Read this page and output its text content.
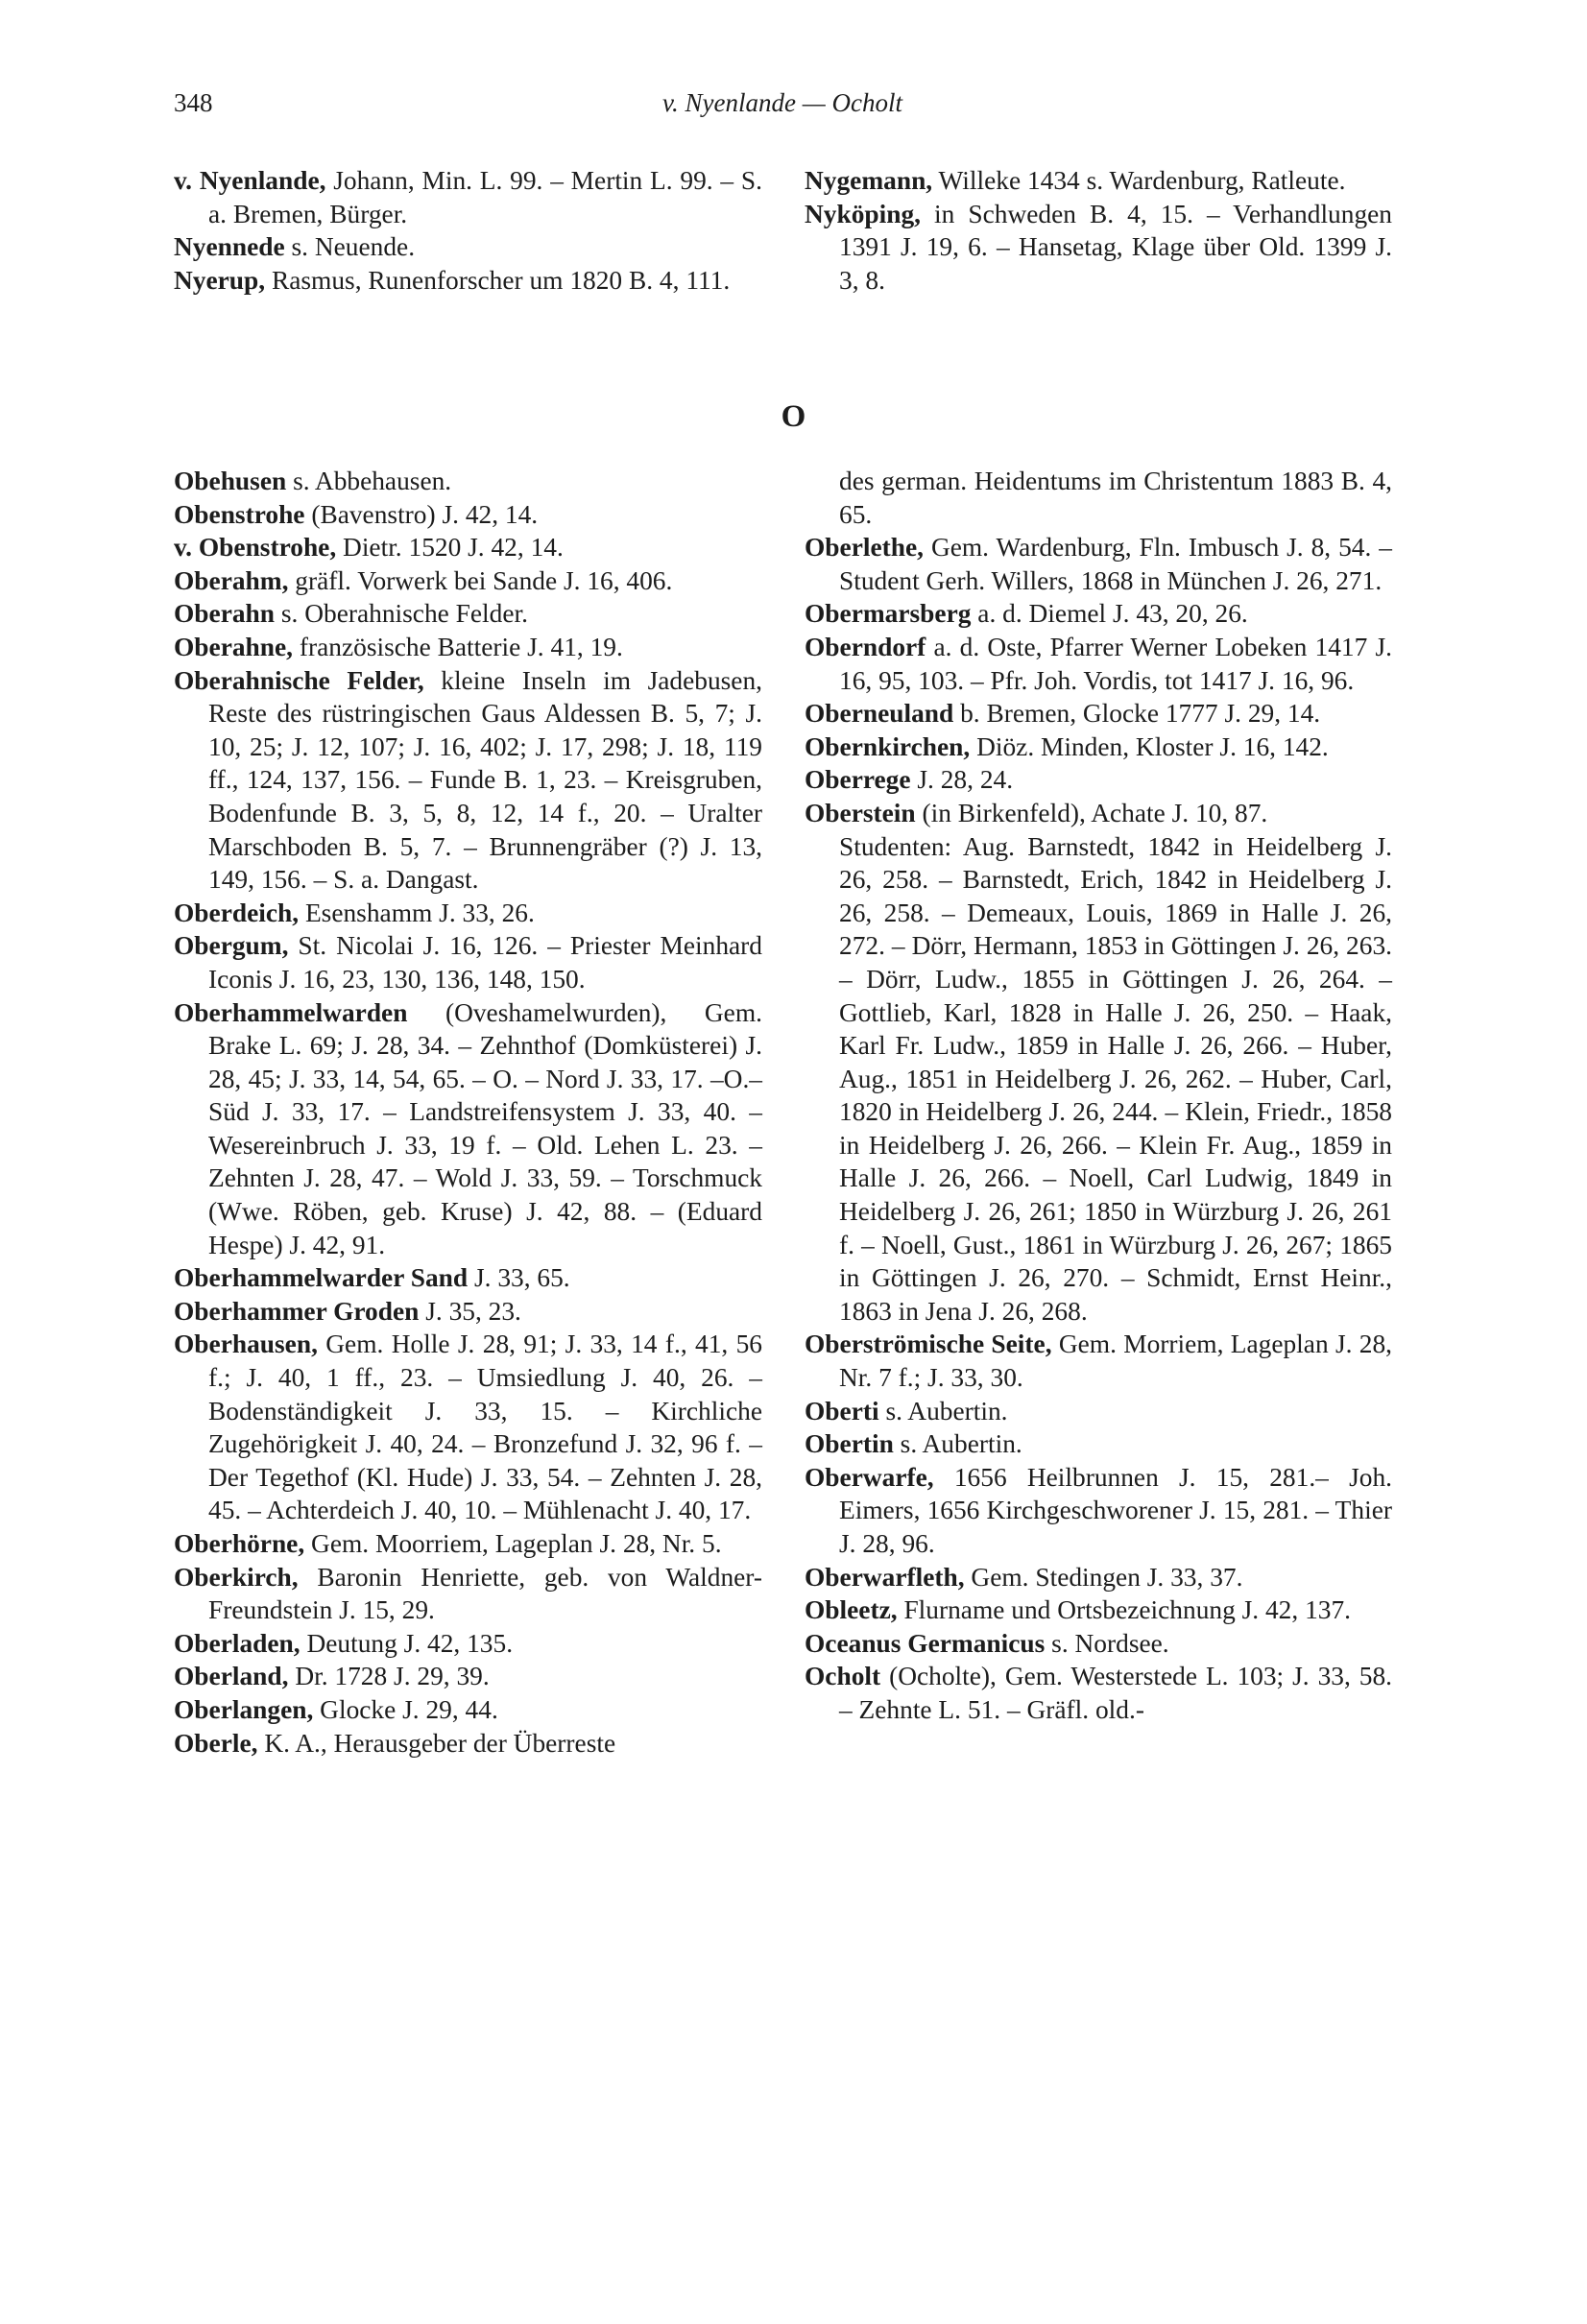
348	v. Nyenlande — Ocholt

v. Nyenlande, Johann, Min. L. 99. – Mertin L. 99. – S. a. Bremen, Bürger.

Nyennede s. Neuende.

Nyerup, Rasmus, Runenforscher um 1820 B. 4, 111.

Nygemann, Willeke 1434 s. Wardenburg, Ratleute.

Nyköping, in Schweden B. 4, 15. – Verhandlungen 1391 J. 19, 6. – Hansetag, Klage über Old. 1399 J. 3, 8.

O

Obehusen s. Abbehausen.

Obenstrohe (Bavenstro) J. 42, 14.

v. Obenstrohe, Dietr. 1520 J. 42, 14.

Oberahm, gräfl. Vorwerk bei Sande J. 16, 406.

Oberahn s. Oberahnische Felder.

Oberahne, französische Batterie J. 41, 19.

Oberahnische Felder, kleine Inseln im Jadebusen, Reste des rüstringischen Gaus Aldessen B. 5, 7; J. 10, 25; J. 12, 107; J. 16, 402; J. 17, 298; J. 18, 119 ff., 124, 137, 156. – Funde B. 1, 23. – Kreisgruben, Bodenfunde B. 3, 5, 8, 12, 14 f., 20. – Uralter Marschboden B. 5, 7. – Brunnengräber (?) J. 13, 149, 156. – S. a. Dangast.

Oberdeich, Esenshamm J. 33, 26.

Obergum, St. Nicolai J. 16, 126. – Priester Meinhard Iconis J. 16, 23, 130, 136, 148, 150.

Oberhammelwarden (Oveshamelwurden), Gem. Brake L. 69; J. 28, 34. – Zehnthof (Domküsterei) J. 28, 45; J. 33, 14, 54, 65. – O. – Nord J. 33, 17. –O.– Süd J. 33, 17. – Landstreifensystem J. 33, 40. – Wesereinbruch J. 33, 19 f. – Old. Lehen L. 23. – Zehnten J. 28, 47. – Wold J. 33, 59. – Torschmuck (Wwe. Röben, geb. Kruse) J. 42, 88. – (Eduard Hespe) J. 42, 91.

Oberhammelwarder Sand J. 33, 65.

Oberhammer Groden J. 35, 23.

Oberhausen, Gem. Holle J. 28, 91; J. 33, 14 f., 41, 56 f.; J. 40, 1 ff., 23. – Umsiedlung J. 40, 26. – Bodenständigkeit J. 33, 15. – Kirchliche Zugehörigkeit J. 40, 24. – Bronzefund J. 32, 96 f. – Der Tegethof (Kl. Hude) J. 33, 54. – Zehnten J. 28, 45. – Achterdeich J. 40, 10. – Mühlenacht J. 40, 17.

Oberhörne, Gem. Moorriem, Lageplan J. 28, Nr. 5.

Oberkirch, Baronin Henriette, geb. von Waldner-Freundstein J. 15, 29.

Oberladen, Deutung J. 42, 135.

Oberland, Dr. 1728 J. 29, 39.

Oberlangen, Glocke J. 29, 44.

Oberle, K. A., Herausgeber der Überreste

des german. Heidentums im Christentum 1883 B. 4, 65.

Oberlethe, Gem. Wardenburg, Fln. Imbusch J. 8, 54. – Student Gerh. Willers, 1868 in München J. 26, 271.

Obermarsberg a. d. Diemel J. 43, 20, 26.

Oberndorf a. d. Oste, Pfarrer Werner Lobeken 1417 J. 16, 95, 103. – Pfr. Joh. Vordis, tot 1417 J. 16, 96.

Oberneuland b. Bremen, Glocke 1777 J. 29, 14.

Obernkirchen, Diöz. Minden, Kloster J. 16, 142.

Oberrege J. 28, 24.

Oberstein (in Birkenfeld), Achate J. 10, 87.

Studenten: Aug. Barnstedt, 1842 in Heidelberg J. 26, 258. – Barnstedt, Erich, 1842 in Heidelberg J. 26, 258. – Demeaux, Louis, 1869 in Halle J. 26, 272. – Dörr, Hermann, 1853 in Göttingen J. 26, 263. – Dörr, Ludw., 1855 in Göttingen J. 26, 264. – Gottlieb, Karl, 1828 in Halle J. 26, 250. – Haak, Karl Fr. Ludw., 1859 in Halle J. 26, 266. – Huber, Aug., 1851 in Heidelberg J. 26, 262. – Huber, Carl, 1820 in Heidelberg J. 26, 244. – Klein, Friedr., 1858 in Heidelberg J. 26, 266. – Klein Fr. Aug., 1859 in Halle J. 26, 266. – Noell, Carl Ludwig, 1849 in Heidelberg J. 26, 261; 1850 in Würzburg J. 26, 261 f. – Noell, Gust., 1861 in Würzburg J. 26, 267; 1865 in Göttingen J. 26, 270. – Schmidt, Ernst Heinr., 1863 in Jena J. 26, 268.

Oberströmische Seite, Gem. Morriem, Lageplan J. 28, Nr. 7 f.; J. 33, 30.

Oberti s. Aubertin.

Obertin s. Aubertin.

Oberwarfe, 1656 Heilbrunnen J. 15, 281.– Joh. Eimers, 1656 Kirchgeschworener J. 15, 281. – Thier J. 28, 96.

Oberwarfleth, Gem. Stedingen J. 33, 37.

Obleetz, Flurname und Ortsbezeichnung J. 42, 137.

Oceanus Germanicus s. Nordsee.

Ocholt (Ocholte), Gem. Westerstede L. 103; J. 33, 58. – Zehnte L. 51. – Gräfl. old.-
